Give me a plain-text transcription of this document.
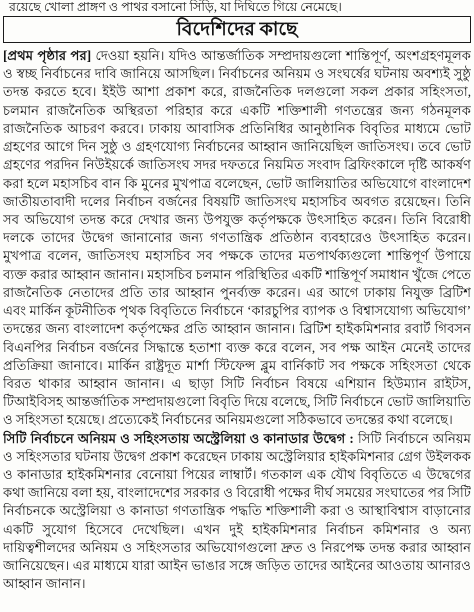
রয়েছে খোলা প্রাঙ্গণ ও পাথর বসানো সিঁড়ি, যা দিঘিতে গিয়ে নেমেছে।
বিদেশিদের কাছে

[প্রথম পৃষ্ঠার পর] দেওয়া হয়নি। যদিও আন্তর্জাতিক সম্প্রদায়গুলো শান্তিপূর্ণ, অংশগ্রহণমূলক ও স্বচ্ছ নির্বাচনের দাবি জানিয়ে আসছিল। নির্বাচনের অনিয়ম ও সংঘর্ষের ঘটনায় অবশ্যই সুষ্ঠু তদন্ত করতে হবে। ইইউ আশা প্রকাশ করে, রাজনৈতিক দলগুলো সকল প্রকার সহিংসতা, চলমান রাজনৈতিক অস্থিরতা পরিহার করে একটি শক্তিশালী গণতন্ত্রের জন্য গঠনমূলক রাজনৈতিক আচরণ করবে। ঢাকায় আবাসিক প্রতিনিধির আনুষ্ঠানিক বিবৃতির মাধ্যমে ভোট গ্রহণের আগে দিন সুষ্ঠু ও গ্রহণযোগ্য নির্বাচনের আহ্বান জানিয়েছিল জাতিসংঘ। তবে ভোট গ্রহণের পরদিন নিউইয়র্কে জাতিসংঘ সদর দফতরে নিয়মিত সংবাদ ব্রিফিংকালে দৃষ্টি আকর্ষণ করা হলে মহাসচিব বান কি মুনের মুখপাত্র বলেছেন, ভোট জালিয়াতির অভিযোগে বাংলাদেশ জাতীয়তাবাদী দলের নির্বাচন বর্জনের বিষয়টি জাতিসংঘ মহাসচিব অবগত রয়েছেন। তিনি সব অভিযোগ তদন্ত করে দেখার জন্য উপযুক্ত কর্তৃপক্ষকে উৎসাহিত করেন। তিনি বিরোধী দলকে তাদের উদ্বেগ জানানোর জন্য গণতান্ত্রিক প্রতিষ্ঠান ব্যবহারেও উৎসাহিত করেন। মুখপাত্র বলেন, জাতিসংঘ মহাসচিব সব পক্ষকে তাদের মতপার্থক্যগুলো শান্তিপূর্ণ উপায়ে ব্যক্ত করার আহ্বান জানান। মহাসচিব চলমান পরিস্থিতির একটি শান্তিপূর্ণ সমাধান খুঁজে পেতে রাজনৈতিক নেতাদের প্রতি তার আহ্বান পুনর্ব্যক্ত করেন। এর আগে ঢাকায় নিযুক্ত ব্রিটিশ এবং মার্কিন কূটনীতিক পৃথক বিবৃতিতে নির্বাচনে ‘কারচুপির ব্যাপক ও বিশ্বাসযোগ্য অভিযোগ’ তদন্তের জন্য বাংলাদেশ কর্তৃপক্ষের প্রতি আহ্বান জানান। ব্রিটিশ হাইকমিশনার রবার্ট গিবসন বিএনপির নির্বাচন বর্জনের সিদ্ধান্তে হতাশা ব্যক্ত করে বলেন, সব পক্ষ আইন মেনেই তাদের প্রতিক্রিয়া জানাবে। মার্কিন রাষ্ট্রদূত মার্শা স্টিফেন্স ব্লুম বার্নিকাট সব পক্ষকে সহিংসতা থেকে বিরত থাকার আহ্বান জানান। এ ছাড়া সিটি নির্বাচন বিষয়ে এশিয়ান হিউম্যান রাইটস, টিআইবিসহ আন্তর্জাতিক সম্প্রদায়গুলো বিবৃতি দিয়ে বলেছে, সিটি নির্বাচনে ভোট জালিয়াতি ও সহিংসতা হয়েছে। প্রত্যেকেই নির্বাচনের অনিয়মগুলো সঠিকভাবে তদন্তের কথা বলেছে।

সিটি নির্বাচনে অনিয়ম ও সহিংসতায় অস্ট্রেলিয়া ও কানাডার উদ্বেগ : সিটি নির্বাচনে অনিয়ম ও সহিংসতার ঘটনায় উদ্বেগ প্রকাশ করেছেন ঢাকায় অস্ট্রেলিয়ার হাইকমিশনার গ্রেগ উইলকক ও কানাডার হাইকমিশনার বেনোয়া পিয়ের লাম্বার্ট। গতকাল এক যৌথ বিবৃতিতে এ উদ্বেগের কথা জানিয়ে বলা হয়, বাংলাদেশের সরকার ও বিরোধী পক্ষের দীর্ঘ সময়ের সংঘাতের পর সিটি নির্বাচনকে অস্ট্রেলিয়া ও কানাডা গণতান্ত্রিক পদ্ধতি শক্তিশালী করা ও আস্থাবিশ্বাস বাড়ানোর একটি সুযোগ হিসেবে দেখেছিল। এখন দুই হাইকমিশনার নির্বাচন কমিশনার ও অন্য দায়িত্বশীলদের অনিয়ম ও সহিংসতার অভিযোগগুলো দ্রুত ও নিরপেক্ষ তদন্ত করার আহ্বান জানিয়েছেন। এর মাধ্যমে যারা আইন ভাঙার সঙ্গে জড়িত তাদের আইনের আওতায় আনারও আহ্বান জানান।
